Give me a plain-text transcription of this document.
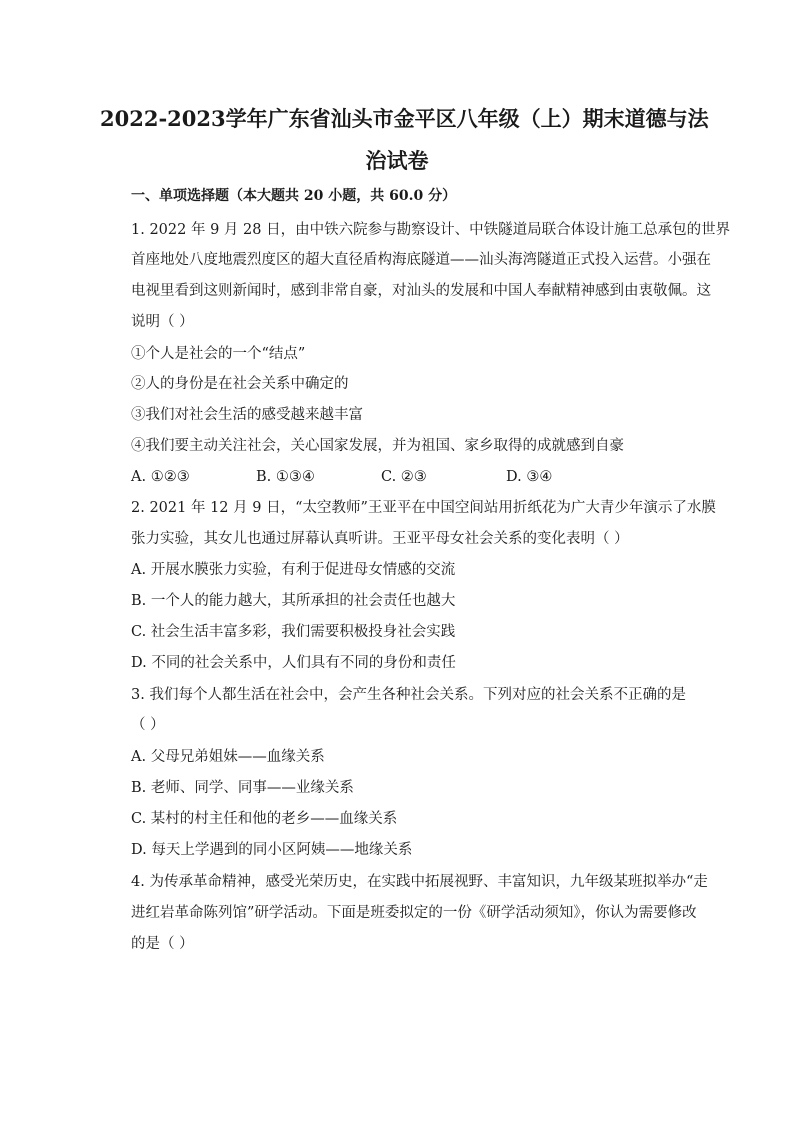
2022-2023学年广东省汕头市金平区八年级（上）期末道德与法
治试卷
一、单项选择题（本大题共 20 小题，共 60.0 分）
1. 2022 年 9 月 28 日，由中铁六院参与勘察设计、中铁隧道局联合体设计施工总承包的世界
首座地处八度地震烈度区的超大直径盾构海底隧道——汕头海湾隧道正式投入运营。小强在
电视里看到这则新闻时，感到非常自豪，对汕头的发展和中国人奉献精神感到由衷敬佩。这
说明（ ）
①个人是社会的一个“结点”
②人的身份是在社会关系中确定的
③我们对社会生活的感受越来越丰富
④我们要主动关注社会，关心国家发展，并为祖国、家乡取得的成就感到自豪
A. ①②③	B. ①③④	C. ②③	D. ③④
2. 2021 年 12 月 9 日，“太空教师”王亚平在中国空间站用折纸花为广大青少年演示了水膜
张力实验，其女儿也通过屏幕认真听讲。王亚平母女社会关系的变化表明（ ）
A. 开展水膜张力实验，有利于促进母女情感的交流
B. 一个人的能力越大，其所承担的社会责任也越大
C. 社会生活丰富多彩，我们需要积极投身社会实践
D. 不同的社会关系中，人们具有不同的身份和责任
3. 我们每个人都生活在社会中，会产生各种社会关系。下列对应的社会关系不正确的是
（ ）
A. 父母兄弟姐妹——血缘关系
B. 老师、同学、同事——业缘关系
C. 某村的村主任和他的老乡——血缘关系
D. 每天上学遇到的同小区阿姨——地缘关系
4. 为传承革命精神，感受光荣历史，在实践中拓展视野、丰富知识，九年级某班拟举办“走
进红岩革命陈列馆”研学活动。下面是班委拟定的一份《研学活动须知》，你认为需要修改
的是（ ）
